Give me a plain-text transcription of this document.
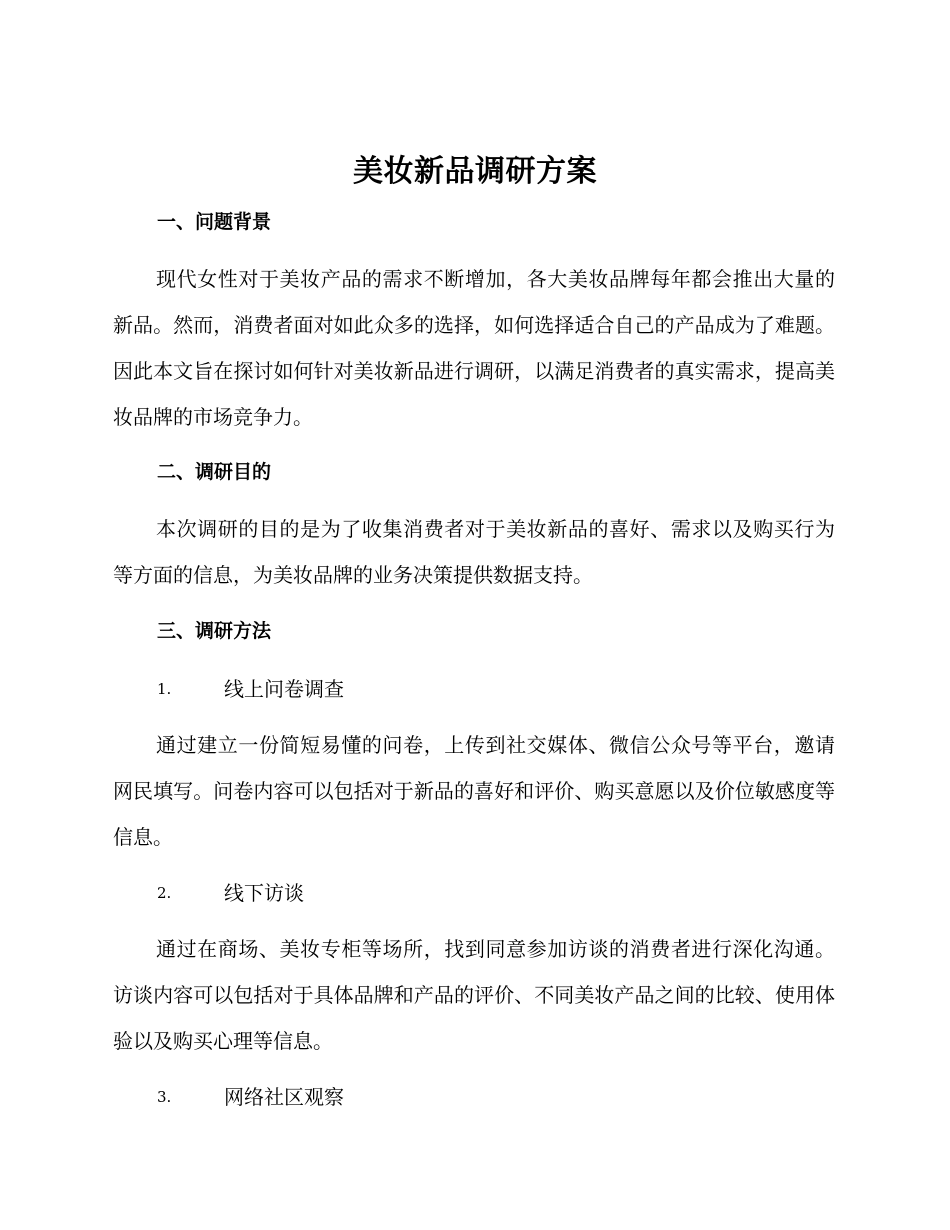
美妆新品调研方案
一、问题背景

现代女性对于美妆产品的需求不断增加，各大美妆品牌每年都会推出大量的新品。然而，消费者面对如此众多的选择，如何选择适合自己的产品成为了难题。因此本文旨在探讨如何针对美妆新品进行调研，以满足消费者的真实需求，提高美妆品牌的市场竞争力。

二、调研目的

本次调研的目的是为了收集消费者对于美妆新品的喜好、需求以及购买行为等方面的信息，为美妆品牌的业务决策提供数据支持。

三、调研方法
1.	线上问卷调查

通过建立一份简短易懂的问卷，上传到社交媒体、微信公众号等平台，邀请网民填写。问卷内容可以包括对于新品的喜好和评价、购买意愿以及价位敏感度等信息。

2.	线下访谈

通过在商场、美妆专柜等场所，找到同意参加访谈的消费者进行深化沟通。访谈内容可以包括对于具体品牌和产品的评价、不同美妆产品之间的比较、使用体验以及购买心理等信息。

3.	网络社区观察
